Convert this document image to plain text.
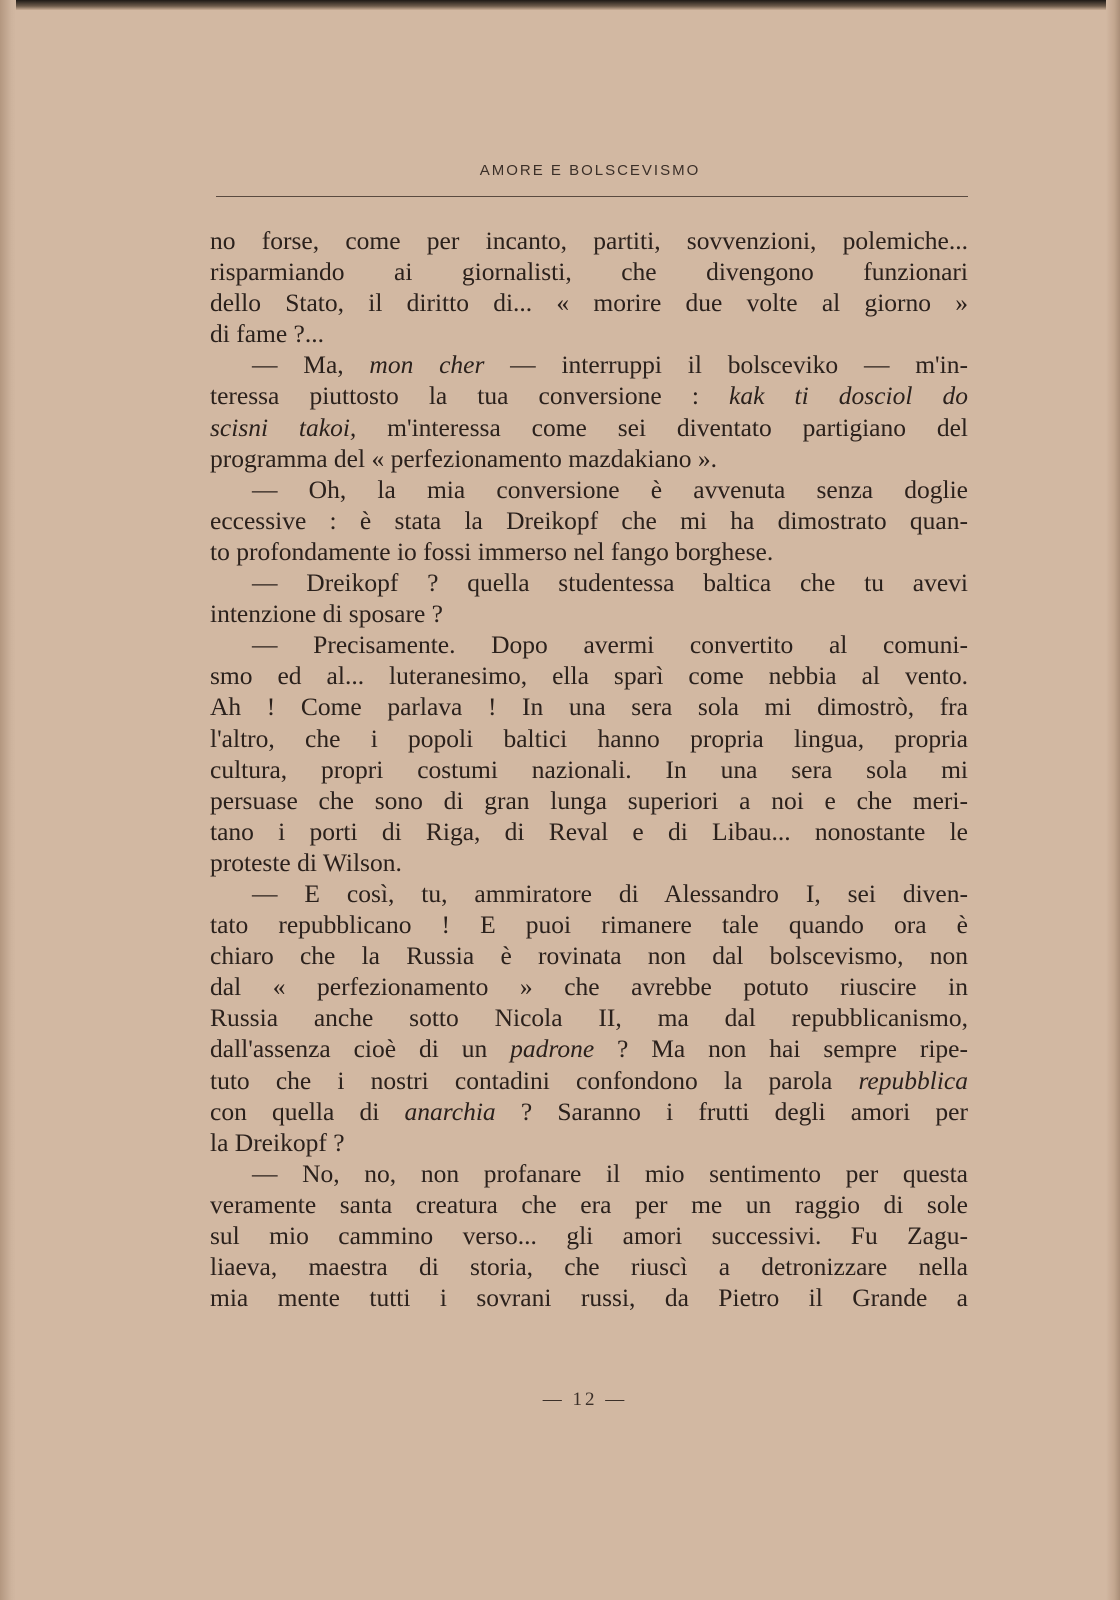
AMORE E BOLSCEVISMO
no forse, come per incanto, partiti, sovvenzioni, polemiche...
risparmiando ai giornalisti, che divengono funzionari
dello Stato, il diritto di... « morire due volte al giorno »
di fame ?...
— Ma, mon cher — interruppi il bolsceviko — m'in-
teressa piuttosto la tua conversione : kak ti dosciol do
scisni takoi, m'interessa come sei diventato partigiano del
programma del « perfezionamento mazdakiano ».
— Oh, la mia conversione è avvenuta senza doglie
eccessive : è stata la Dreikopf che mi ha dimostrato quan-
to profondamente io fossi immerso nel fango borghese.
— Dreikopf ? quella studentessa baltica che tu avevi
intenzione di sposare ?
— Precisamente. Dopo avermi convertito al comuni-
smo ed al... luteranesimo, ella sparì come nebbia al vento.
Ah ! Come parlava ! In una sera sola mi dimostrò, fra
l'altro, che i popoli baltici hanno propria lingua, propria
cultura, propri costumi nazionali. In una sera sola mi
persuase che sono di gran lunga superiori a noi e che meri-
tano i porti di Riga, di Reval e di Libau... nonostante le
proteste di Wilson.
— E così, tu, ammiratore di Alessandro I, sei diven-
tato repubblicano ! E puoi rimanere tale quando ora è
chiaro che la Russia è rovinata non dal bolscevismo, non
dal « perfezionamento » che avrebbe potuto riuscire in
Russia anche sotto Nicola II, ma dal repubblicanismo,
dall'assenza cioè di un padrone ? Ma non hai sempre ripe-
tuto che i nostri contadini confondono la parola repubblica
con quella di anarchia ? Saranno i frutti degli amori per
la Dreikopf ?
— No, no, non profanare il mio sentimento per questa
veramente santa creatura che era per me un raggio di sole
sul mio cammino verso... gli amori successivi. Fu Zagu-
liaeva, maestra di storia, che riuscì a detronizzare nella
mia mente tutti i sovrani russi, da Pietro il Grande a
— 12 —
